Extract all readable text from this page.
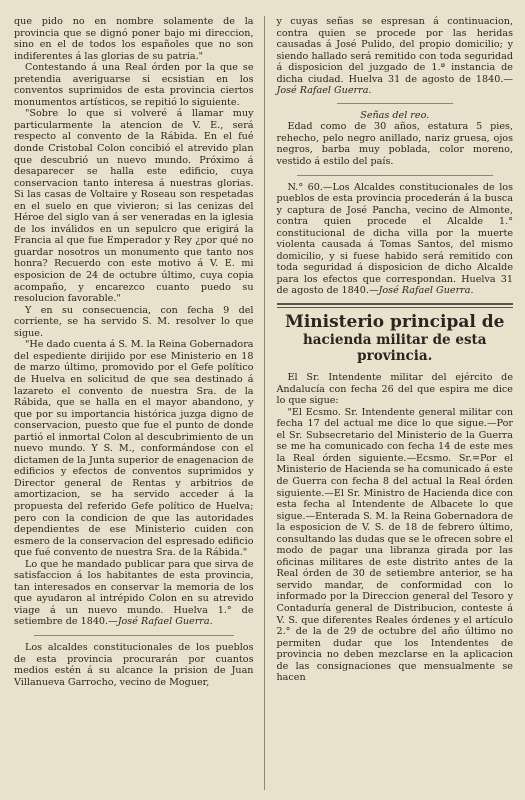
que pido no en nombre solamente de la provincia que se dignó poner bajo mi direccion, sino en el de todos los españoles que no son indiferentes á las glorias de su patria."

Contestando á una Real órden por la que se pretendia averiguarse si ecsistian en los conventos suprimidos de esta provincia ciertos monumentos artísticos, se repitió lo siguiente.

"Sobre lo que si volveré á llamar muy particularmente la atencion de V. E., será respecto al convento de la Rábida. En el fué donde Cristobal Colon concibió el atrevido plan que descubrió un nuevo mundo. Próximo á desaparecer se halla este edificio, cuya conservacion tanto interesa á nuestras glorias. Si las casas de Voltaire y Roseau son respetadas en el suelo en que vivieron; si las cenizas del Héroe del siglo van á ser veneradas en la iglesia de los inválidos en un sepulcro que erigirá la Francia al que fue Emperador y Rey ¿por qué no guardar nosotros un monumento que tanto nos honra? Recuerdo con este motivo á V. E. mi esposicion de 24 de octubre último, cuya copia acompaño, y encarezco cuanto puedo su resolucion favorable."

Y en su consecuencia, con fecha 9 del corriente, se ha servido S. M. resolver lo que sigue.

"He dado cuenta á S. M. la Reina Gobernadora del espediente dirijido por ese Ministerio en 18 de marzo último, promovido por el Gefe político de Huelva en solicitud de que sea destinado á lazareto el convento de nuestra Sra. de la Rábida, que se halla en el mayor abandono, y que por su importancia histórica juzga digno de conservacion, puesto que fue el punto de donde partió el inmortal Colon al descubrimiento de un nuevo mundo. Y S. M., conformándose con el dictamen de la Junta superior de enagenacion de edificios y efectos de conventos suprimidos y Director general de Rentas y arbitrios de amortizacion, se ha servido acceder á la propuesta del referido Gefe político de Huelva; pero con la condicion de que las autoridades dependientes de ese Ministerio cuiden con esmero de la conservacion del espresado edificio que fué convento de nuestra Sra. de la Rábida."

Lo que he mandado publicar para que sirva de satisfaccion á los habitantes de esta provincia, tan interesados en conservar la memoria de los que ayudaron al intrépido Colon en su atrevido viage á un nuevo mundo. Huelva 1.° de setiembre de 1840.—José Rafael Guerra.

Los alcaldes constitucionales de los pueblos de esta provincia procurarán por cuantos medios estén á su alcance la prision de Juan Villanueva Garrocho, vecino de Moguer,

y cuyas señas se espresan á continuacion, contra quien se procede por las heridas causadas á José Pulido, del propio domicilio; y siendo hallado será remitido con toda seguridad á disposicion del juzgado de 1.ª instancia de dicha ciudad. Huelva 31 de agosto de 1840.—José Rafael Guerra.

Señas del reo.

Edad como de 30 años, estatura 5 pies, rehecho, pelo negro anillado, nariz gruesa, ojos negros, barba muy poblada, color moreno, vestido á estilo del país.

N.° 60.—Los Alcaldes constitucionales de los pueblos de esta provincia procederán á la busca y captura de José Pancha, vecino de Almonte, contra quien procede el Alcalde 1.° constitucional de dicha villa por la muerte violenta causada á Tomas Santos, del mismo domicilio, y si fuese habido será remitido con toda seguridad á disposicion de dicho Alcalde para los efectos que correspondan. Huelva 31 de agosto de 1840.—José Rafael Guerra.

Ministerio principal de
hacienda militar de esta provincia.

El Sr. Intendente militar del ejército de Andalucía con fecha 26 del que espira me dice lo que sigue:

"El Ecsmo. Sr. Intendente general militar con fecha 17 del actual me dice lo que sigue.—Por el Sr. Subsecretario del Ministerio de la Guerra se me ha comunicado con fecha 14 de este mes la Real órden siguiente.—Ecsmo. Sr.=Por el Ministerio de Hacienda se ha comunicado á este de Guerra con fecha 8 del actual la Real órden siguiente.—El Sr. Ministro de Hacienda dice con esta fecha al Intendente de Albacete lo que sigue.—Enterada S. M. la Reina Gobernadora de la esposicion de V. S. de 18 de febrero último, consultando las dudas que se le ofrecen sobre el modo de pagar una libranza girada por las oficinas militares de este distrito antes de la Real órden de 30 de setiembre anterior, se ha servido mandar, de conformidad con lo informado por la Direccion general del Tesoro y Contaduría general de Distribucion, conteste á V. S. que diferentes Reales órdenes y el artículo 2.° de la de 29 de octubre del año último no permiten dudar que los Intendentes de provincia no deben mezclarse en la aplicacion de las consignaciones que mensualmente se hacen
